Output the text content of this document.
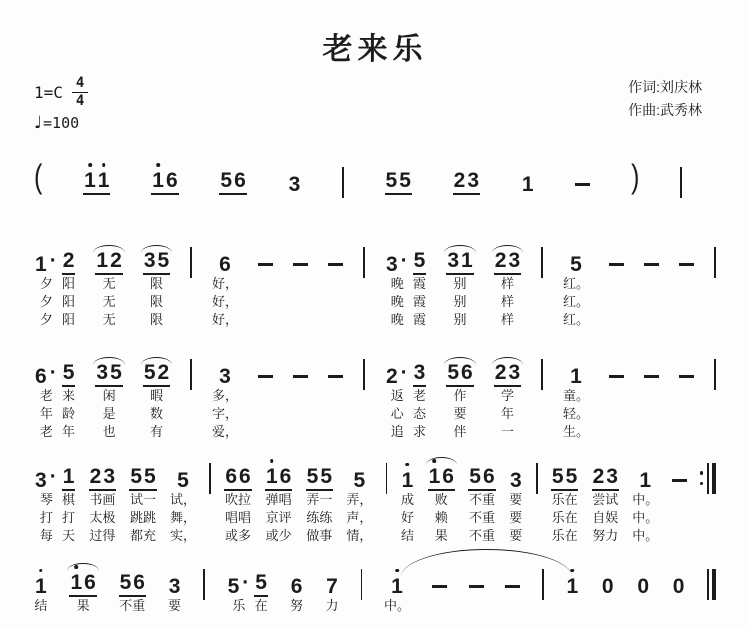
老来乐
$1=C \frac{4}{4}$
♩=100
作词:刘庆林
作曲:武秀林
( 1 1 1 6 5 6 3	5 5 2 3 1	)
1 ·
夕
夕
夕
2
阳
阳
阳
1 2
无
无
无
3 5
限
限
限
6
好，
好，
好，
3 ·
晚
晚
晚
5
霞
霞
霞
3 1
别
别
别
2 3
样
样
样
5
红。
红。
红。
6 ·
老
年
老
5
来
龄
年
3 5
闲
是
也
5 2
暇
数
有
3
多，
字，
爱，
2 ·
返
心
追
3
老
态
求
5 6
作
要
伴
2 3
学
年
一
1
童。
轻。
生。
3 ·
琴
打
每
1
棋
打
天
2 3
书画
太极
过得
5 5
试一
跳跳
都充
5
试，
舞，
实，
6 6
吹拉
唱唱
或多
1 6
弹唱
京评
或少
5 5
弄一
练练
做事
5
弄，
声，
情，
1
成
好
结
1 6
败
赖
果
5 6
不重
不重
不重
3
要
要
要
5 5
乐在
乐在
乐在
2 3
尝试
自娱
努力
1
中。
中。
中。
1
结
1 6
果
5 6
不重
3
要
5 ·
乐
5
在
6
努
7
力
1
中。
1 0 0 0
